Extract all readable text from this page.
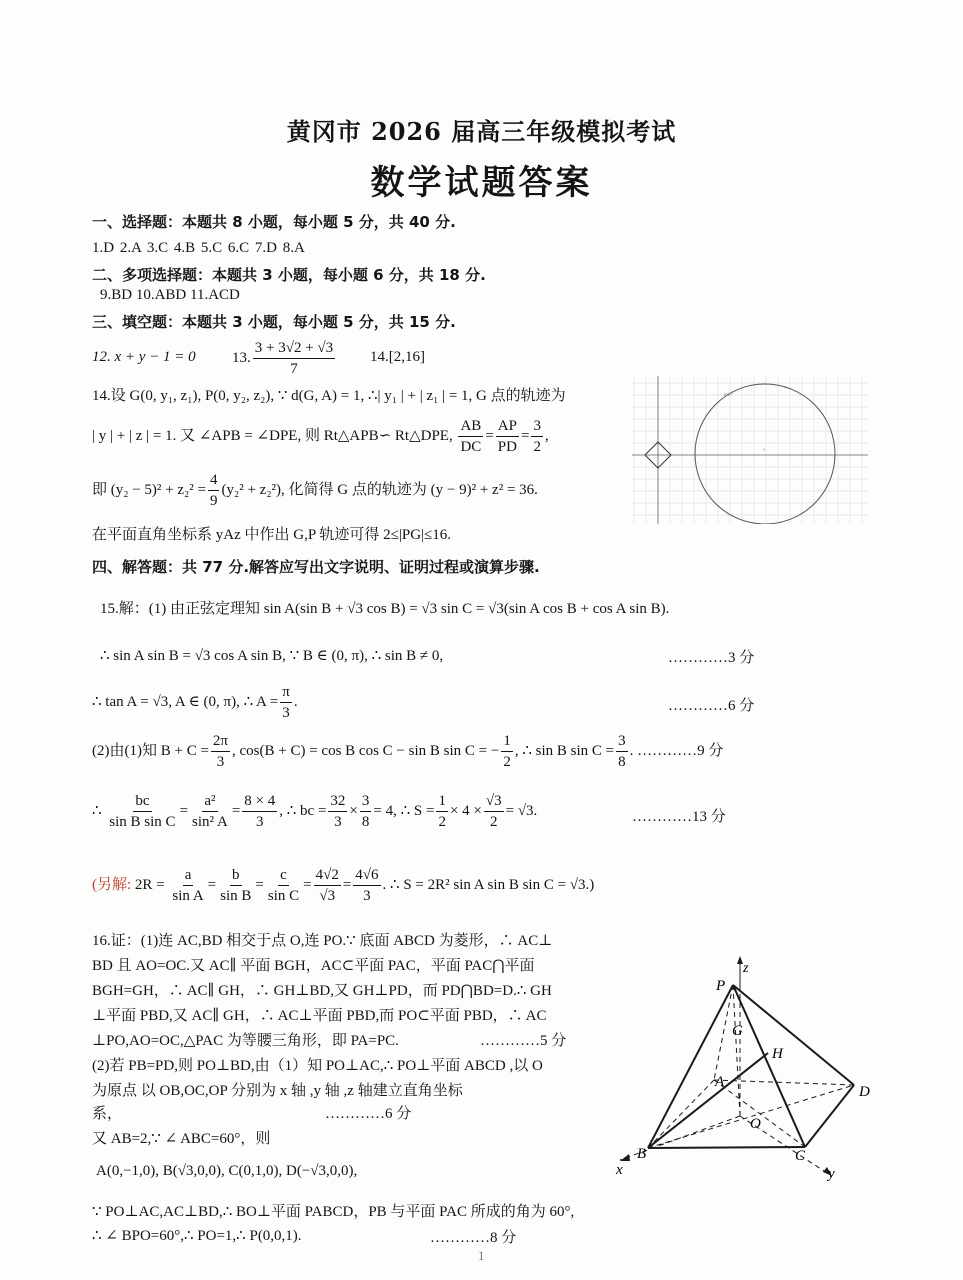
黄冈市 2026 届高三年级模拟考试
数学试题答案
一、选择题：本题共 8 小题，每小题 5 分，共 40 分.
1.D 2.A 3.C 4.B 5.C 6.C 7.D 8.A
二、多项选择题：本题共 3 小题，每小题 6 分，共 18 分.
9.BD 10.ABD 11.ACD
三、填空题：本题共 3 小题，每小题 5 分，共 15 分.
12. x + y − 1 = 0 13. $\frac{3 + 3√2 + √3}{7} 14.[2,16]$
14.设 G(0, y₁, z₁), P(0, y₂, z₂), ∵ d(G, A) = 1, ∴| y₁ | + | z₁ | = 1, G 点的轨迹为
| y | + | z | = 1. 又 ∠APB = ∠DPE, 则 Rt△APB∽ Rt△DPE, $\frac{AB}{DC} = \frac{AP}{PD} = \frac{3}{2}$ ,
即 $(y_2 - 5)^2 + z_2^2 = \frac{4}{9} (y_2^2 + z_2^2)$, 化简得 G 点的轨迹为 (y − 9)² + z² = 36.
在平面直角坐标系 yAz 中作出 G,P 轨迹可得 2≤|PG|≤16.
m17
+
四、解答题：共 77 分.解答应写出文字说明、证明过程或演算步骤.
15.解：(1) 由正弦定理知 sin A(sin B + √3 cos B) = √3 sin C = √3(sin A cos B + cos A sin B).
∴ sin A sin B = √3 cos A sin B, ∵ B ∈ (0, π), ∴ sin B ≠ 0,	…………3 分
∴ tan A = √3, A ∈ (0, π), ∴ $A = \frac{\pi}{3}$ .	…………6 分
(2)由(1)知 $B + C = \frac{2\pi}{3}$ , cos(B + C) = cos B cos C − sin B sin C = − $\frac{1}{2}$ , ∴ sin B $\sin C = \frac{3}{8}$ . …………9 分
∴ $\frac{bc}{\text{sin B sin C}} = \frac{\text{a²}}{\text{sin² A}} = \frac{8 \times 4}{3}$ , ∴ bc = $\frac{32}{3} \times \frac{3}{8} = 4$, ∴ $S = \frac{1}{2} \times 4 \times \frac{√3}{2} = √3$.	…………13 分
(另解: $2R = \frac{a}{\text{sin A}} = \frac{b}{\text{sin B}} = \frac{c}{\text{sin C}} = \frac{4√2}{√3} = \frac{4√6}{3}$ . ∴ S = 2R² sin A sin B sin C = √3.)
16.证：(1)连 AC,BD 相交于点 O,连 PO.∵ 底面 ABCD 为菱形，∴ AC⊥
BD 且 AO=OC.又 AC∥ 平面 BGH，AC⊂平面 PAC，平面 PAC⋂平面
BGH=GH，∴ AC∥ GH，∴ GH⊥BD,又 GH⊥PD，而 PD⋂BD=D.∴ GH
⊥平面 PBD,又 AC∥ GH，∴ AC⊥平面 PBD,而 PO⊂平面 PBD，∴ AC
⊥PO,AO=OC,△PAC 为等腰三角形，即 PA=PC.	…………5 分
(2)若 PB=PD,则 PO⊥BD,由（1）知 PO⊥AC,∴ PO⊥平面 ABCD ,以 O
为原点 以 OB,OC,OP 分别为 x 轴 ,y 轴 ,z 轴建立直角坐标
系，	…………6 分
又 AB=2,∵ ∠ ABC=60°，则
A(0,−1,0), B(√3,0,0), C(0,1,0), D(−√3,0,0),
∵ PO⊥AC,AC⊥BD,∴ BO⊥平面 PABCD，PB 与平面 PAC 所成的角为 60°,
∴ ∠ BPO=60°,∴ PO=1,∴ P(0,0,1).	…………8 分
z
P
G
H
A
D
O
B	C
x	y
1
